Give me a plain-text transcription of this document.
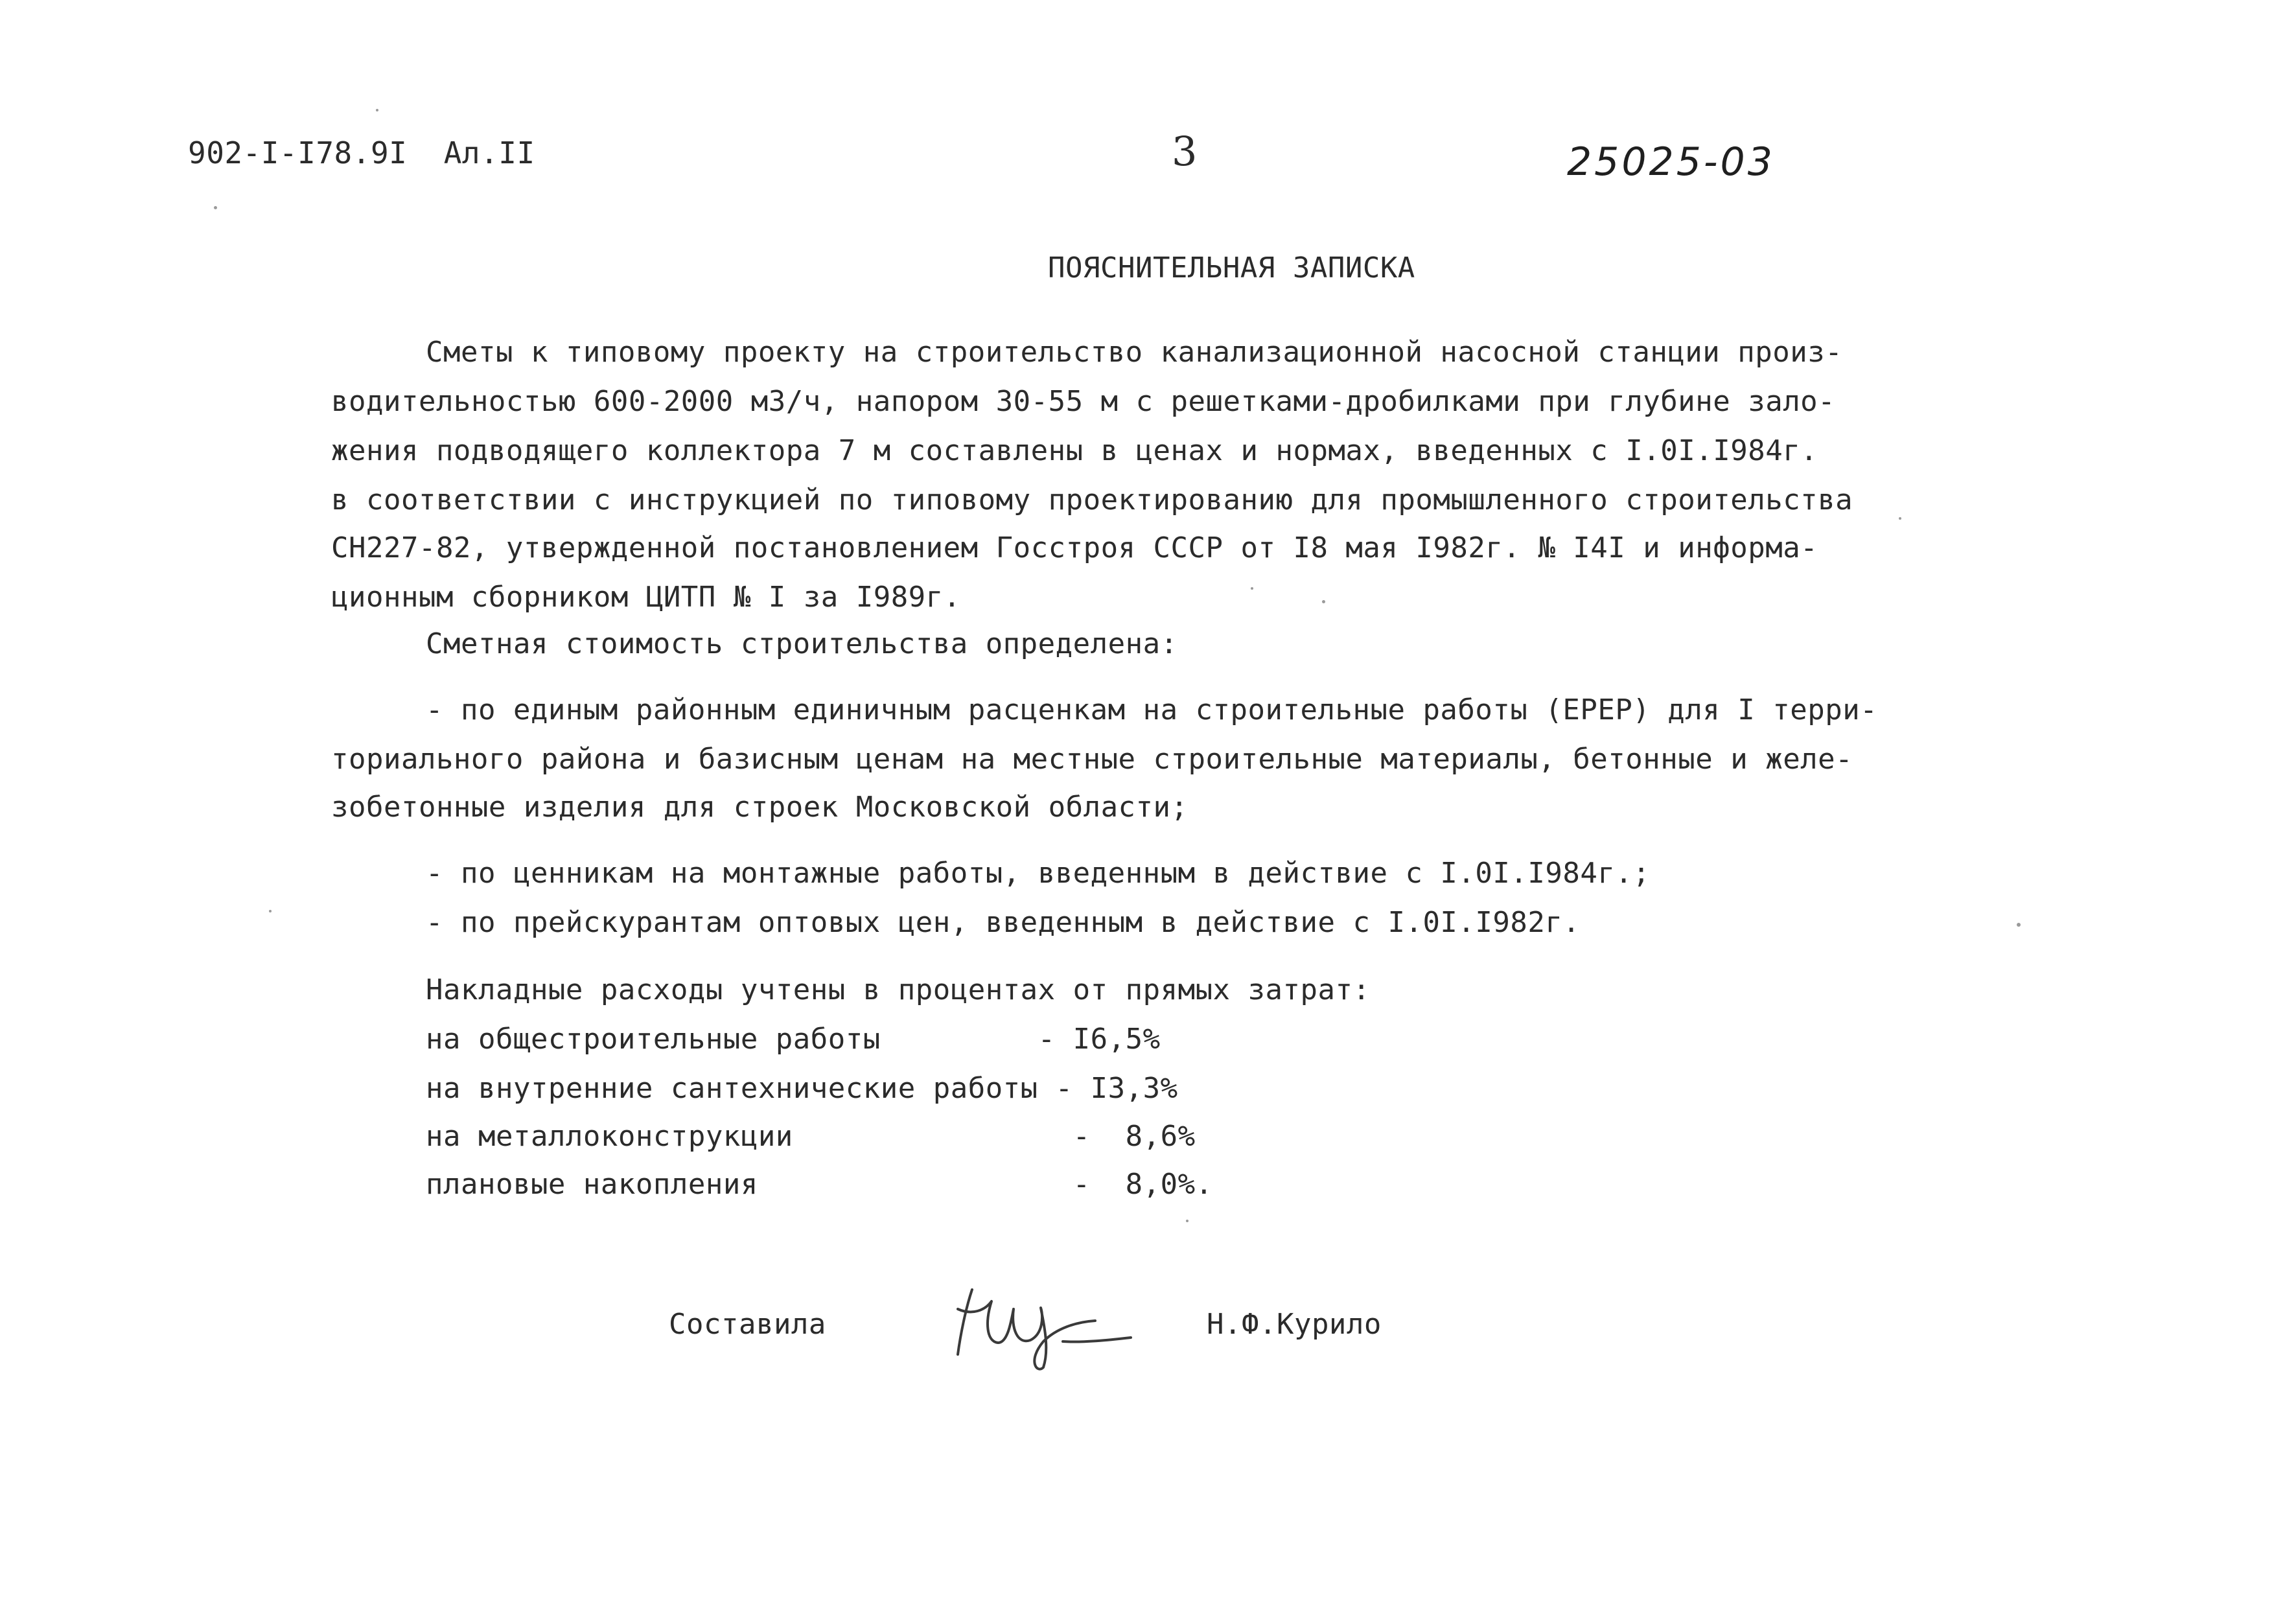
902-I-I78.9I  Ал.II	3	25025-03
ПОЯСНИТЕЛЬНАЯ ЗАПИСКА
Сметы к типовому проекту на строительство канализационной насосной станции произ-
водительностью 600-2000 м3/ч, напором 30-55 м с решетками-дробилками при глубине зало-
жения подводящего коллектора 7 м составлены в ценах и нормах, введенных с I.0I.I984г.
в соответствии с инструкцией по типовому проектированию для промышленного строительства
СН227-82, утвержденной постановлением Госстроя СССР от I8 мая I982г. № I4I и информа-
ционным сборником ЦИТП № I за I989г.
Сметная стоимость строительства определена:
- по единым районным единичным расценкам на строительные работы (ЕРЕР) для I терри-
ториального района и базисным ценам на местные строительные материалы, бетонные и желе-
зобетонные изделия для строек Московской области;
- по ценникам на монтажные работы, введенным в действие с I.0I.I984г.;
- по прейскурантам оптовых цен, введенным в действие с I.0I.I982г.
Накладные расходы учтены в процентах от прямых затрат:
на общестроительные работы         - I6,5%
на внутренние сантехнические работы - I3,3%
на металлоконструкции                -  8,6%
плановые накопления                  -  8,0%.
Составила	Н.Ф.Курило
